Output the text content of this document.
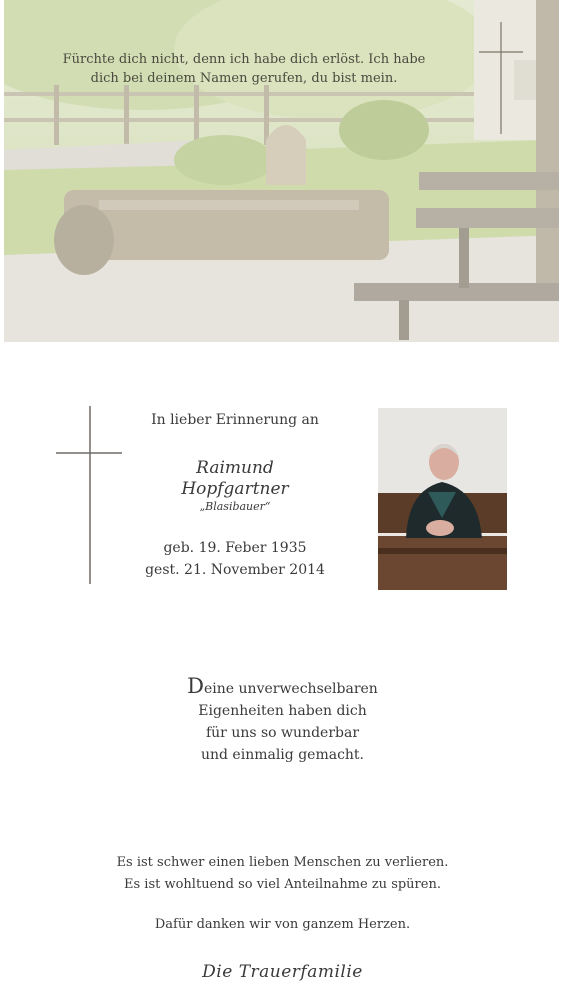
Fürchte dich nicht, denn ich habe dich erlöst. Ich habe
dich bei deinem Namen gerufen, du bist mein.
In lieber Erinnerung an
Raimund
Hopfgartner
„Blasibauer“
geb. 19. Feber 1935
gest. 21. November 2014
Deine unverwechselbaren
Eigenheiten haben dich
für uns so wunderbar
und einmalig gemacht.
Es ist schwer einen lieben Menschen zu verlieren.
Es ist wohltuend so viel Anteilnahme zu spüren.
Dafür danken wir von ganzem Herzen.
Die Trauerfamilie
